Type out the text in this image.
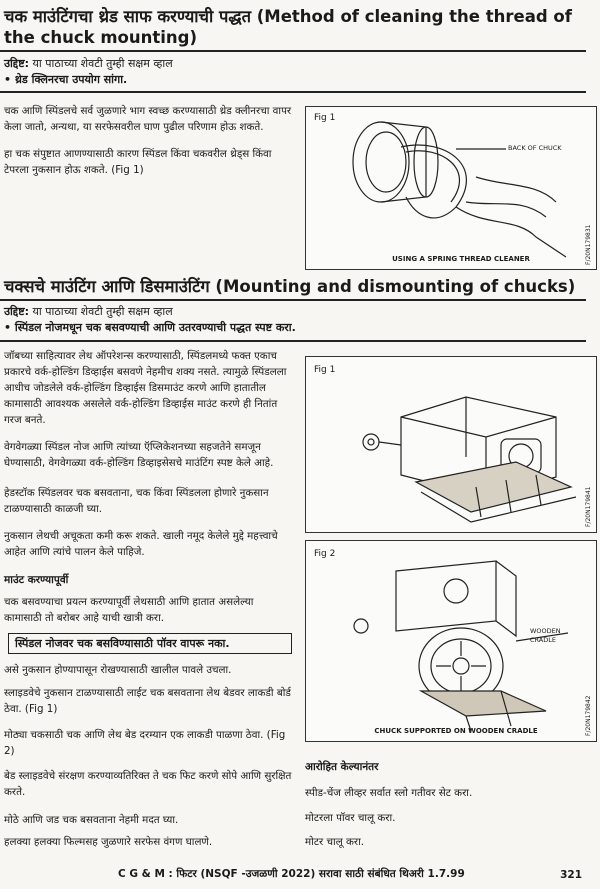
चक माउंटिंगचा थ्रेड साफ करण्याची पद्धत (Method of cleaning the thread of the chuck mounting)
उद्दिष्ट: या पाठाच्या शेवटी तुम्ही सक्षम व्हाल
• थ्रेड क्लिनरचा उपयोग सांगा.
चक आणि स्पिंडलचे सर्व जुळणारे भाग स्वच्छ करण्यासाठी थ्रेड क्लीनरचा वापर केला जातो, अन्यथा, या सरफेसवरील घाण पुढील परिणाम होऊ शकते.
हा चक संपुष्टात आणण्यासाठी कारण स्पिंडल किंवा चकवरील थ्रेड्स किंवा टेपरला नुकसान होऊ शकते. (Fig 1)
Fig 1
BACK OF CHUCK
USING A SPRING THREAD CLEANER	F/20N179831
चक्सचे माउंटिंग आणि डिसमाउंटिंग (Mounting and dismounting of chucks)
उद्दिष्ट: या पाठाच्या शेवटी तुम्ही सक्षम व्हाल
• स्पिंडल नोजमधून चक बसवण्याची आणि उतरवण्याची पद्धत स्पष्ट करा.
जॉबच्या साहित्यावर लेथ ऑपरेशन्स करण्यासाठी, स्पिंडलमध्ये फक्त एकाच प्रकारचे वर्क-होल्डिंग डिव्हाईस बसवणे नेहमीच शक्य नसते. त्यामुळे स्पिंडलला आधीच जोडलेले वर्क-होल्डिंग डिव्हाईस डिसमाउंट करणे आणि हातातील कामासाठी आवश्यक असलेले वर्क-होल्डिंग डिव्हाईस माउंट करणे ही नितांत गरज बनते.
वेगवेगळ्या स्पिंडल नोज आणि त्यांच्या ऍप्लिकेशनच्या सहजतेने समजून घेण्यासाठी, वेगवेगळ्या वर्क-होल्डिंग डिव्हाइसेसचे माउंटिंग स्पष्ट केले आहे.
हेडस्टॉक स्पिंडलवर चक बसवताना, चक किंवा स्पिंडलला होणारे नुकसान टाळण्यासाठी काळजी घ्या.
नुकसान लेथची अचूकता कमी करू शकते. खाली नमूद केलेले मुद्दे महत्त्वाचे आहेत आणि त्यांचे पालन केले पाहिजे.
माउंट करण्यापूर्वी
चक बसवण्याचा प्रयत्न करण्यापूर्वी लेथसाठी आणि हातात असलेल्या कामासाठी तो बरोबर आहे याची खात्री करा.
स्पिंडल नोजवर चक बसविण्यासाठी पॉवर वापरू नका.
असे नुकसान होण्यापासून रोखण्यासाठी खालील पावले उचला.
स्लाइडवेचे नुकसान टाळण्यासाठी लाईट चक बसवताना लेथ बेडवर लाकडी बोर्ड ठेवा. (Fig 1)
मोठ्या चकसाठी चक आणि लेथ बेड दरम्यान एक लाकडी पाळणा ठेवा. (Fig 2)
बेड स्लाइडवेचे संरक्षण करण्याव्यतिरिक्त ते चक फिट करणे सोपे आणि सुरक्षित करते.
मोठे आणि जड चक बसवताना नेहमी मदत घ्या.
हलक्या हलक्या फिल्मसह जुळणारे सरफेस वंगण घालणे.
Fig 1
F/20N179841
Fig 2
WOODEN
CRADLE
CHUCK SUPPORTED ON WOODEN CRADLE	F/20N179842
आरोहित केल्यानंतर
स्पीड-चेंज लीव्हर सर्वात स्लो गतीवर सेट करा.
मोटरला पॉवर चालू करा.
मोटर चालू करा.
C G & M : फिटर (NSQF -उजळणी 2022) सरावा साठी संबंधित थिअरी 1.7.99	321
